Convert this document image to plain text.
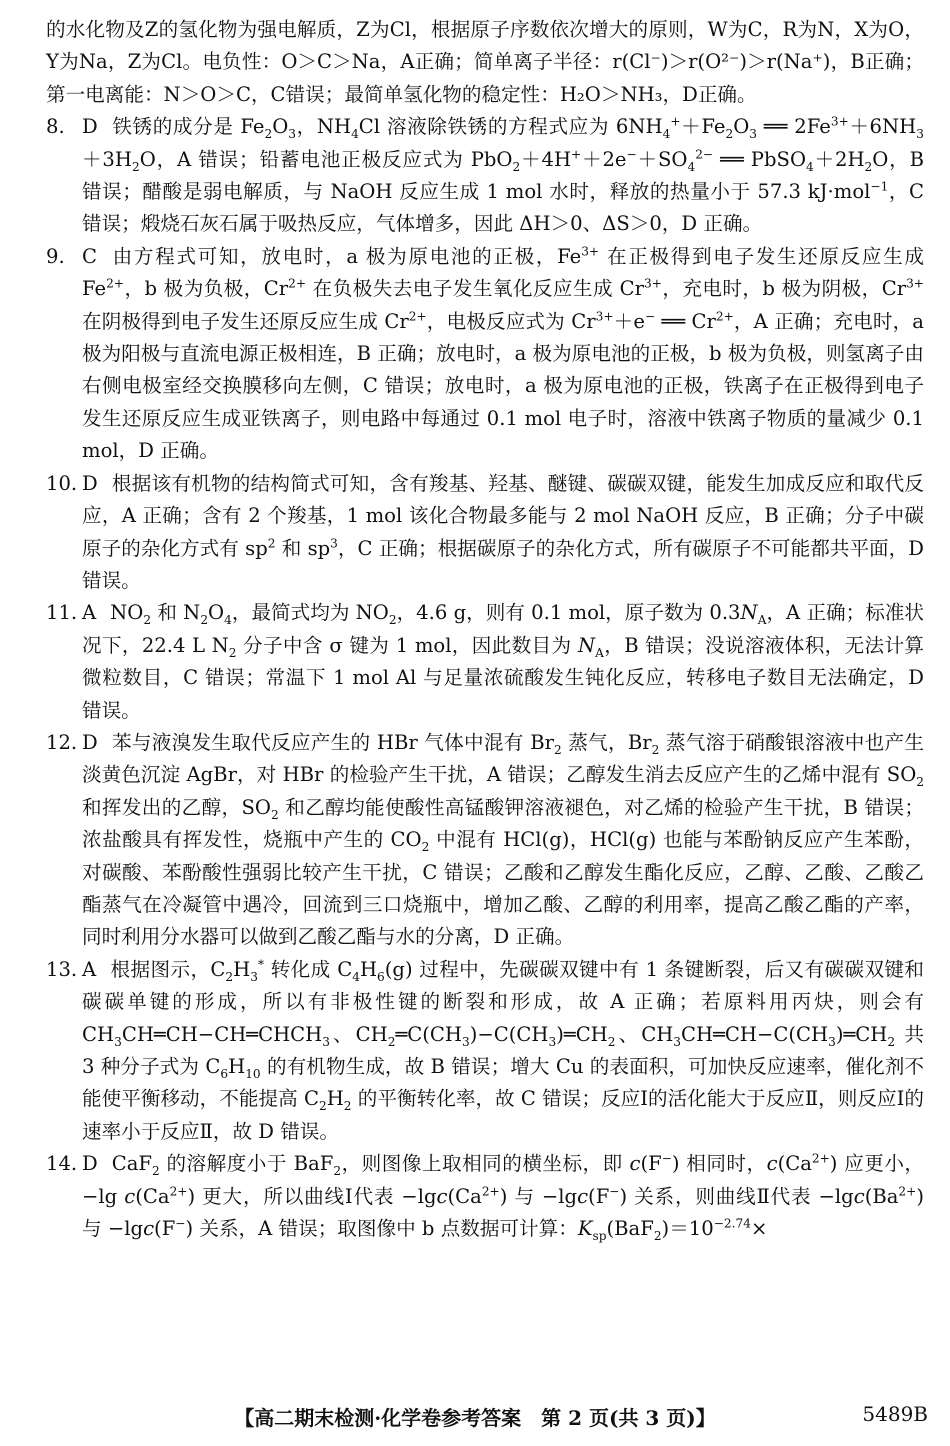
的水化物及Z的氢化物为强电解质，Z为Cl，根据原子序数依次增大的原则，W为C，R为N，X为O，Y为Na，Z为Cl。电负性：O＞C＞Na，A正确；简单离子半径：r(Cl⁻)＞r(O²⁻)＞r(Na⁺)，B正确；第一电离能：N＞O＞C，C错误；最简单氢化物的稳定性：H₂O＞NH₃，D正确。
8. D 铁锈的成分是 $Fe_2O_3$，$NH_4Cl$ 溶液除铁锈的方程式应为 $6NH_4^++Fe_2O_3$ ══ $2Fe^{3+}+6NH_3+3H_2O$，A 错误；铅蓄电池正极反应式为 $PbO_2+4H^++2e^-+SO_4^{2-}$ ══ $PbSO_4+2H_2O$，B 错误；醋酸是弱电解质，与 NaOH 反应生成 1 mol 水时，释放的热量小于 57.3 kJ·mol$^{-1}$，C 错误；煅烧石灰石属于吸热反应，气体增多，因此 ΔH＞0、ΔS＞0，D 正确。
9. C 由方程式可知，放电时，a 极为原电池的正极，$Fe^{3+}$ 在正极得到电子发生还原反应生成 $Fe^{2+}$，b 极为负极，$Cr^{2+}$ 在负极失去电子发生氧化反应生成 $Cr^{3+}$，充电时，b 极为阴极，$Cr^{3+}$ 在阴极得到电子发生还原反应生成 $Cr^{2+}$，电极反应式为 $Cr^{3+}+e^-$ ══ $Cr^{2+}$，A 正确；充电时，a 极为阳极与直流电源正极相连，B 正确；放电时，a 极为原电池的正极，b 极为负极，则氢离子由右侧电极室经交换膜移向左侧，C 错误；放电时，a 极为原电池的正极，铁离子在正极得到电子发生还原反应生成亚铁离子，则电路中每通过 0.1 mol 电子时，溶液中铁离子物质的量减少 0.1 mol，D 正确。
10. D 根据该有机物的结构简式可知，含有羧基、羟基、醚键、碳碳双键，能发生加成反应和取代反应，A 正确；含有 2 个羧基，1 mol 该化合物最多能与 2 mol NaOH 反应，B 正确；分子中碳原子的杂化方式有 $sp^2$ 和 $sp^3$，C 正确；根据碳原子的杂化方式，所有碳原子不可能都共平面，D 错误。
11. A $NO_2$ 和 $N_2O_4$，最简式均为 $NO_2$，4.6 g，则有 0.1 mol，原子数为 $0.3N_A$，A 正确；标准状况下，22.4 L $N_2$ 分子中含 σ 键为 1 mol，因此数目为 $N_A$，B 错误；没说溶液体积，无法计算微粒数目，C 错误；常温下 1 mol Al 与足量浓硫酸发生钝化反应，转移电子数目无法确定，D 错误。
12. D 苯与液溴发生取代反应产生的 HBr 气体中混有 $Br_2$ 蒸气，$Br_2$ 蒸气溶于硝酸银溶液中也产生淡黄色沉淀 AgBr，对 HBr 的检验产生干扰，A 错误；乙醇发生消去反应产生的乙烯中混有 $SO_2$ 和挥发出的乙醇，$SO_2$ 和乙醇均能使酸性高锰酸钾溶液褪色，对乙烯的检验产生干扰，B 错误；浓盐酸具有挥发性，烧瓶中产生的 $CO_2$ 中混有 HCl(g)，HCl(g) 也能与苯酚钠反应产生苯酚，对碳酸、苯酚酸性强弱比较产生干扰，C 错误；乙酸和乙醇发生酯化反应，乙醇、乙酸、乙酸乙酯蒸气在冷凝管中遇冷，回流到三口烧瓶中，增加乙酸、乙醇的利用率，提高乙酸乙酯的产率，同时利用分水器可以做到乙酸乙酯与水的分离，D 正确。
13. A 根据图示，$C_2H_3^*$ 转化成 $C_4H_6(g)$ 过程中，先碳碳双键中有 1 条键断裂，后又有碳碳双键和碳碳单键的形成，所以有非极性键的断裂和形成，故 A 正确；若原料用丙炔，则会有 $CH_3CH═CH-CH═CHCH_3$、$CH_2═C(CH_3)-C(CH_3)═CH_2$、$CH_3CH═CH-C(CH_3)═CH_2$ 共 3 种分子式为 $C_6H_{10}$ 的有机物生成，故 B 错误；增大 Cu 的表面积，可加快反应速率，催化剂不能使平衡移动，不能提高 $C_2H_2$ 的平衡转化率，故 C 错误；反应Ⅰ的活化能大于反应Ⅱ，则反应Ⅰ的速率小于反应Ⅱ，故 D 错误。
14. D CaF$_2$ 的溶解度小于 BaF$_2$，则图像上取相同的横坐标，即 c(F−) 相同时，$c(Ca^{2+})$ 应更小，−lg $c(Ca^{2+})$ 更大，所以曲线Ⅰ代表 $-\lg c(Ca^{2+})$ 与 −lgc(F−) 关系，则曲线Ⅱ代表 $-\lg c(Ba^{2+})$ 与 −lgc(F−) 关系，A 错误；取图像中 b 点数据可计算：$K_{sp}(BaF_2)=10^{-2.74}\times$
【高二期末检测·化学卷参考答案　第 2 页(共 3 页)】	5489B
